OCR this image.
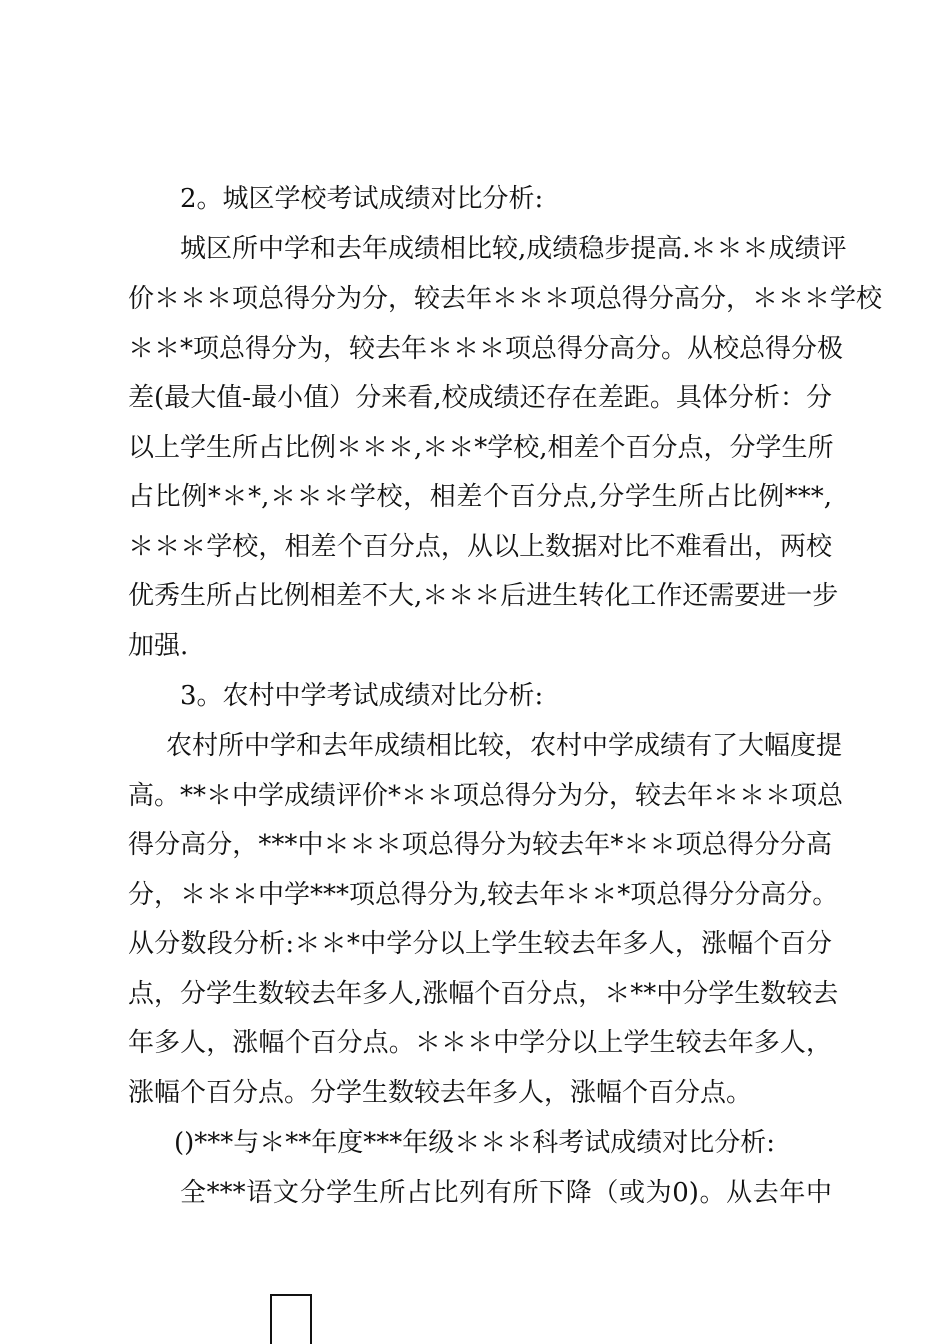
2。城区学校考试成绩对比分析:
城区所中学和去年成绩相比较,成绩稳步提高.＊＊＊成绩评
价＊＊＊项总得分为分，较去年＊＊＊项总得分高分，＊＊＊学校
＊＊*项总得分为，较去年＊＊＊项总得分高分。从校总得分极
差(最大值-最小值）分来看,校成绩还存在差距。具体分析：分
以上学生所占比例＊＊＊,＊＊*学校,相差个百分点，分学生所
占比例*＊*,＊＊＊学校，相差个百分点,分学生所占比例***,
＊＊＊学校，相差个百分点，从以上数据对比不难看出，两校
优秀生所占比例相差不大,＊＊＊后进生转化工作还需要进一步
加强.
3。农村中学考试成绩对比分析:
农村所中学和去年成绩相比较，农村中学成绩有了大幅度提
高。**＊中学成绩评价*＊＊项总得分为分，较去年＊＊＊项总
得分高分，***中＊＊＊项总得分为较去年*＊＊项总得分分高
分，＊＊＊中学***项总得分为,较去年＊＊*项总得分分高分。
从分数段分析:＊＊*中学分以上学生较去年多人，涨幅个百分
点，分学生数较去年多人,涨幅个百分点，＊**中分学生数较去
年多人，涨幅个百分点。＊＊＊中学分以上学生较去年多人，
涨幅个百分点。分学生数较去年多人，涨幅个百分点。
()***与＊**年度***年级＊＊＊科考试成绩对比分析:
全***语文分学生所占比列有所下降（或为0)。从去年中
